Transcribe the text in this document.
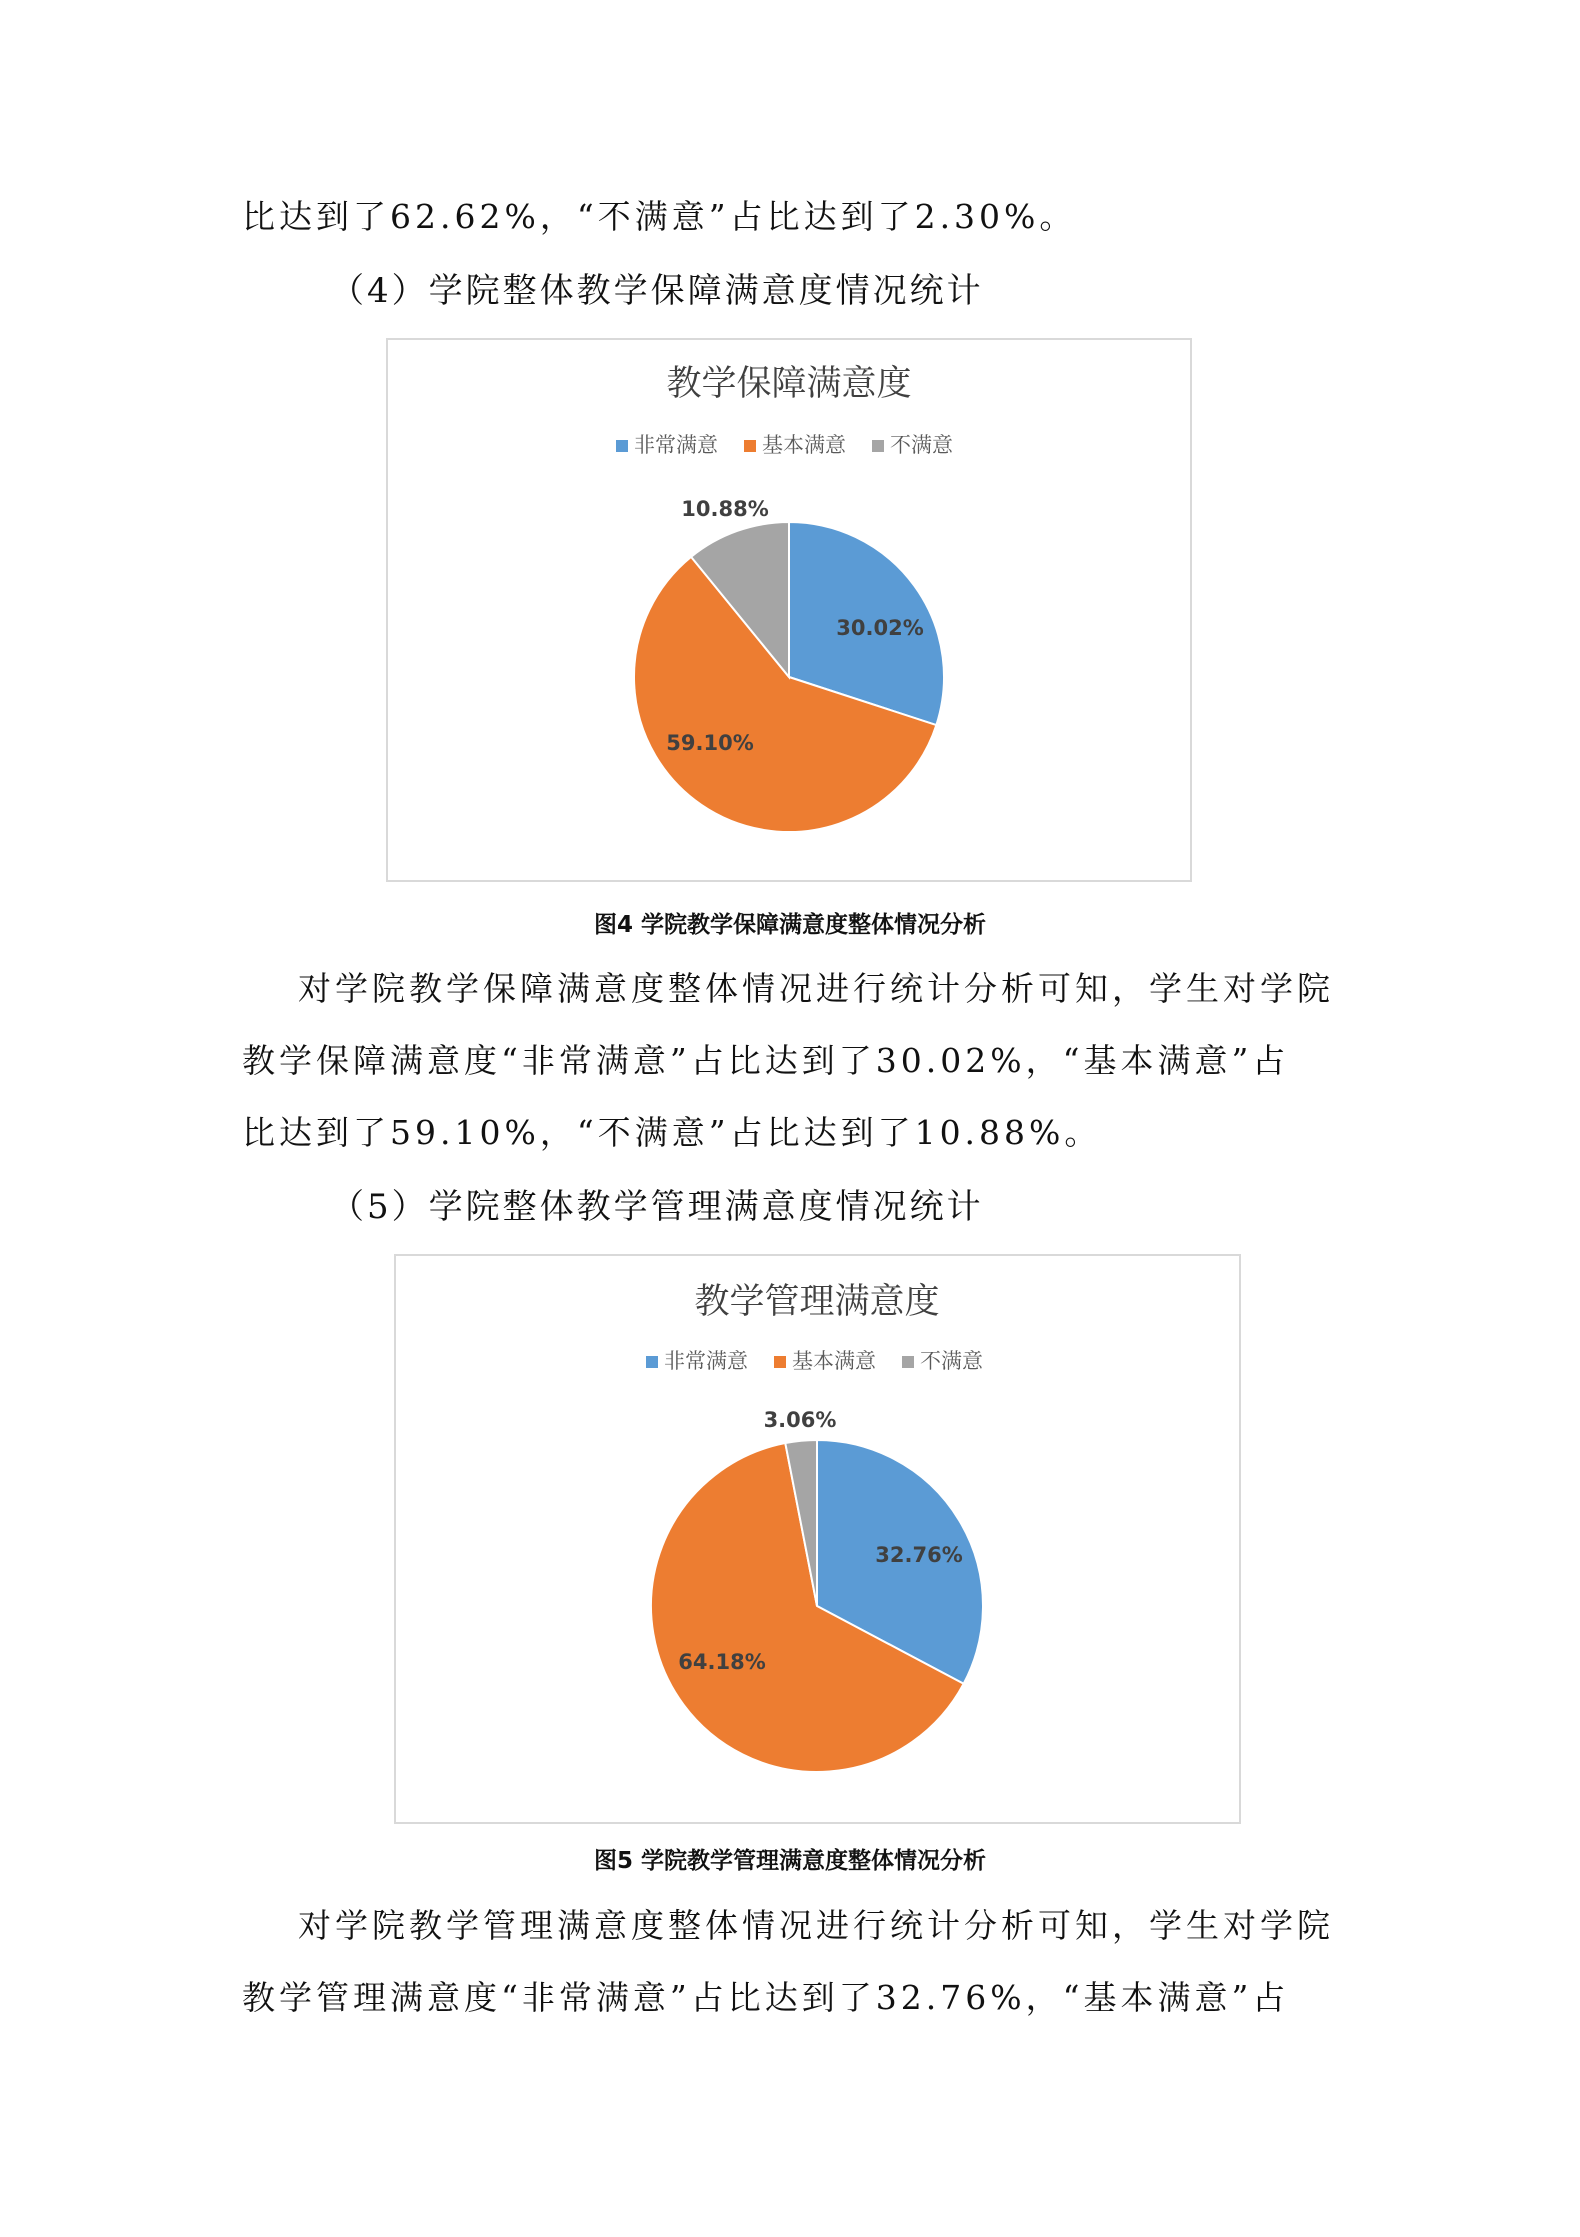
比达到了62.62%，“不满意”占比达到了2.30%。

（4）学院整体教学保障满意度情况统计

教学保障满意度
非常满意 基本满意 不满意
30.02%
59.10%
10.88%

图4 学院教学保障满意度整体情况分析

对学院教学保障满意度整体情况进行统计分析可知，学生对学院

教学保障满意度“非常满意”占比达到了30.02%，“基本满意”占

比达到了59.10%，“不满意”占比达到了10.88%。

（5）学院整体教学管理满意度情况统计

教学管理满意度
非常满意 基本满意 不满意
32.76%
64.18%
3.06%

图5 学院教学管理满意度整体情况分析

对学院教学管理满意度整体情况进行统计分析可知，学生对学院

教学管理满意度“非常满意”占比达到了32.76%，“基本满意”占
